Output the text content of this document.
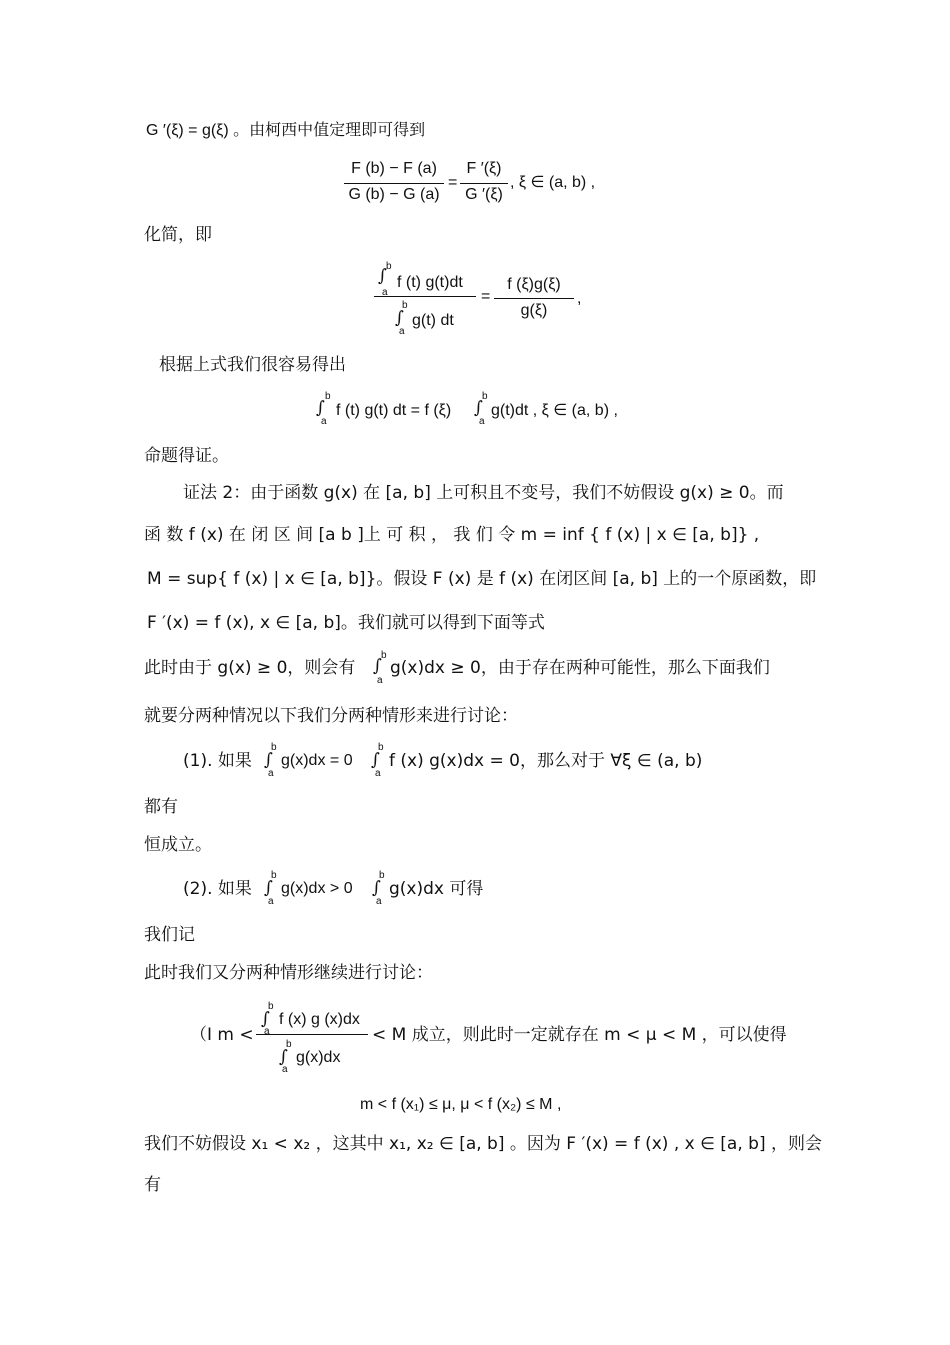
G ′(ξ) = g(ξ) 。由柯西中值定理即可得到
F (b) − F (a)
G (b) − G (a)
=
F ′(ξ)
G ′(ξ)
, ξ ∈ (a, b) ,
化简，即
∫ b
a
f (t) g(t)dt
∫
b
a
g(t) dt
=
f (ξ)g(ξ)
g(ξ)
,
根据上式我们很容易得出
∫
b
a
f (t) g(t) dt = f (ξ) ∫
b
a
g(t)dt , ξ ∈ (a, b) ,
命题得证。
证法 2：由于函数 g(x) 在 [a, b] 上可积且不变号，我们不妨假设 g(x) ≥ 0。而
函 数 f (x) 在 闭 区 间 [a b ]上 可 积 ， 我 们 令 m = inf { f (x) | x ∈ [a, b]} ,
M = sup{ f (x) | x ∈ [a, b]}。假设 F (x) 是 f (x) 在闭区间 [a, b] 上的一个原函数，即
F ′(x) = f (x), x ∈ [a, b]。我们就可以得到下面等式
此时由于 g(x) ≥ 0，则会有 ∫
b
a
g(x)dx ≥ 0，由于存在两种可能性，那么下面我们
就要分两种情况以下我们分两种情形来进行讨论：
(1). 如果 ∫
b
a
g(x)dx = 0 ∫
b
a
f (x) g(x)dx = 0，那么对于 ∀ξ ∈ (a, b)
都有
恒成立。
(2). 如果 ∫
b
a
g(x)dx > 0 ∫
b
a
g(x)dx 可得
我们记
此时我们又分两种情形继续进行讨论：
（Ⅰ m <
∫
b
a
f (x) g (x)dx
∫
b
a
g(x)dx
< M 成立，则此时一定就存在 m < μ < M ，可以使得
m < f (x₁) ≤ μ, μ < f (x₂) ≤ M ,
我们不妨假设 x₁ < x₂ ，这其中 x₁, x₂ ∈ [a, b] 。因为 F ′(x) = f (x) , x ∈ [a, b] ，则会
有
